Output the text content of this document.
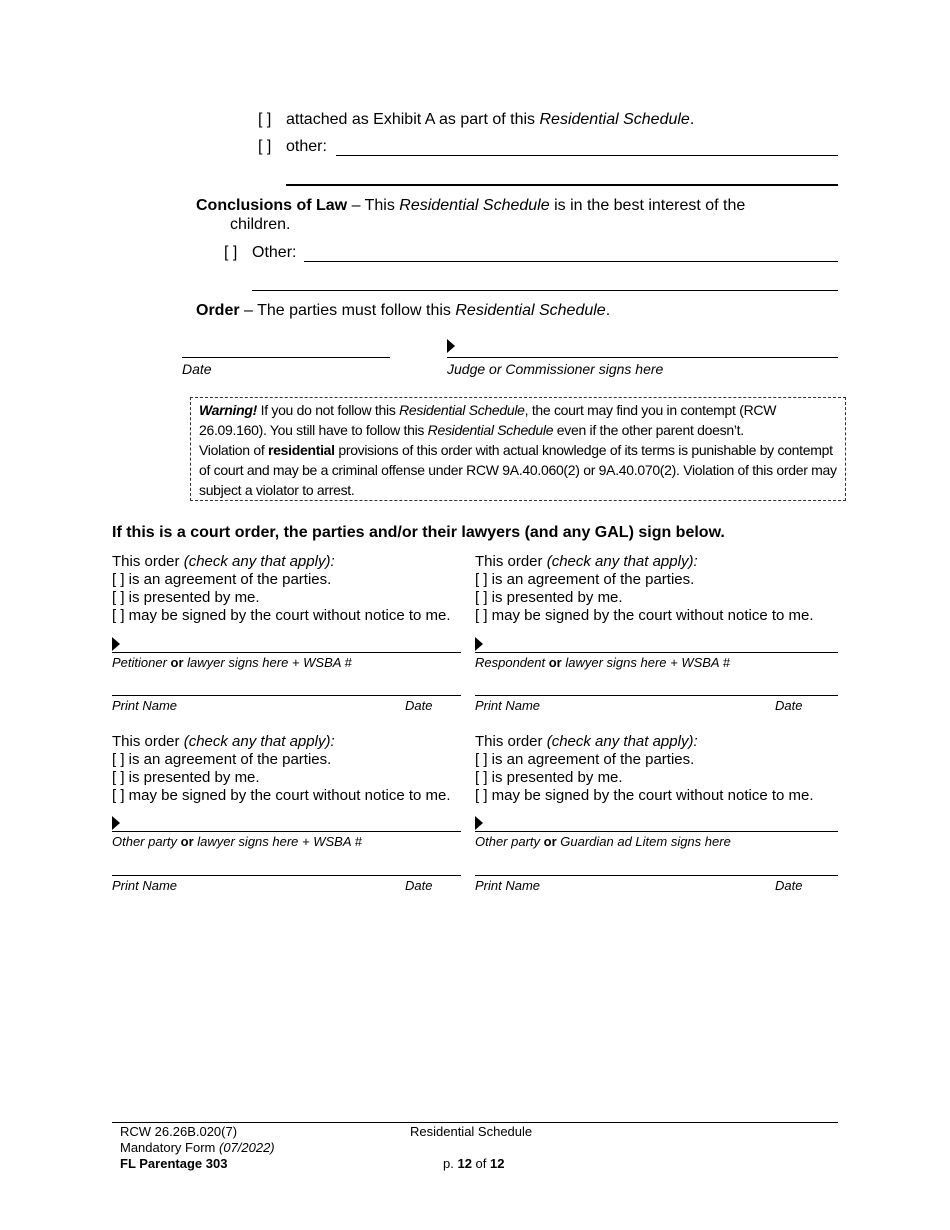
[ ] attached as Exhibit A as part of this Residential Schedule.
[ ] other:
Conclusions of Law – This Residential Schedule is in the best interest of the
children.
[ ] Other:
Order – The parties must follow this Residential Schedule.
Date	Judge or Commissioner signs here
Warning! If you do not follow this Residential Schedule, the court may find you in contempt (RCW 26.09.160). You still have to follow this Residential Schedule even if the other parent doesn’t.
Violation of residential provisions of this order with actual knowledge of its terms is punishable by contempt of court and may be a criminal offense under RCW 9A.40.060(2) or 9A.40.070(2). Violation of this order may subject a violator to arrest.
If this is a court order, the parties and/or their lawyers (and any GAL) sign below.
This order (check any that apply):
[ ] is an agreement of the parties.
[ ] is presented by me.
[ ] may be signed by the court without notice to me.
Petitioner or lawyer signs here + WSBA #
Print Name	Date
This order (check any that apply):
[ ] is an agreement of the parties.
[ ] is presented by me.
[ ] may be signed by the court without notice to me.
Respondent or lawyer signs here + WSBA #
Print Name	Date
This order (check any that apply):
[ ] is an agreement of the parties.
[ ] is presented by me.
[ ] may be signed by the court without notice to me.
Other party or lawyer signs here + WSBA #
Print Name	Date
This order (check any that apply):
[ ] is an agreement of the parties.
[ ] is presented by me.
[ ] may be signed by the court without notice to me.
Other party or Guardian ad Litem signs here
Print Name	Date
RCW 26.26B.020(7)
Mandatory Form (07/2022)
FL Parentage 303
Residential Schedule
p. 12 of 12
